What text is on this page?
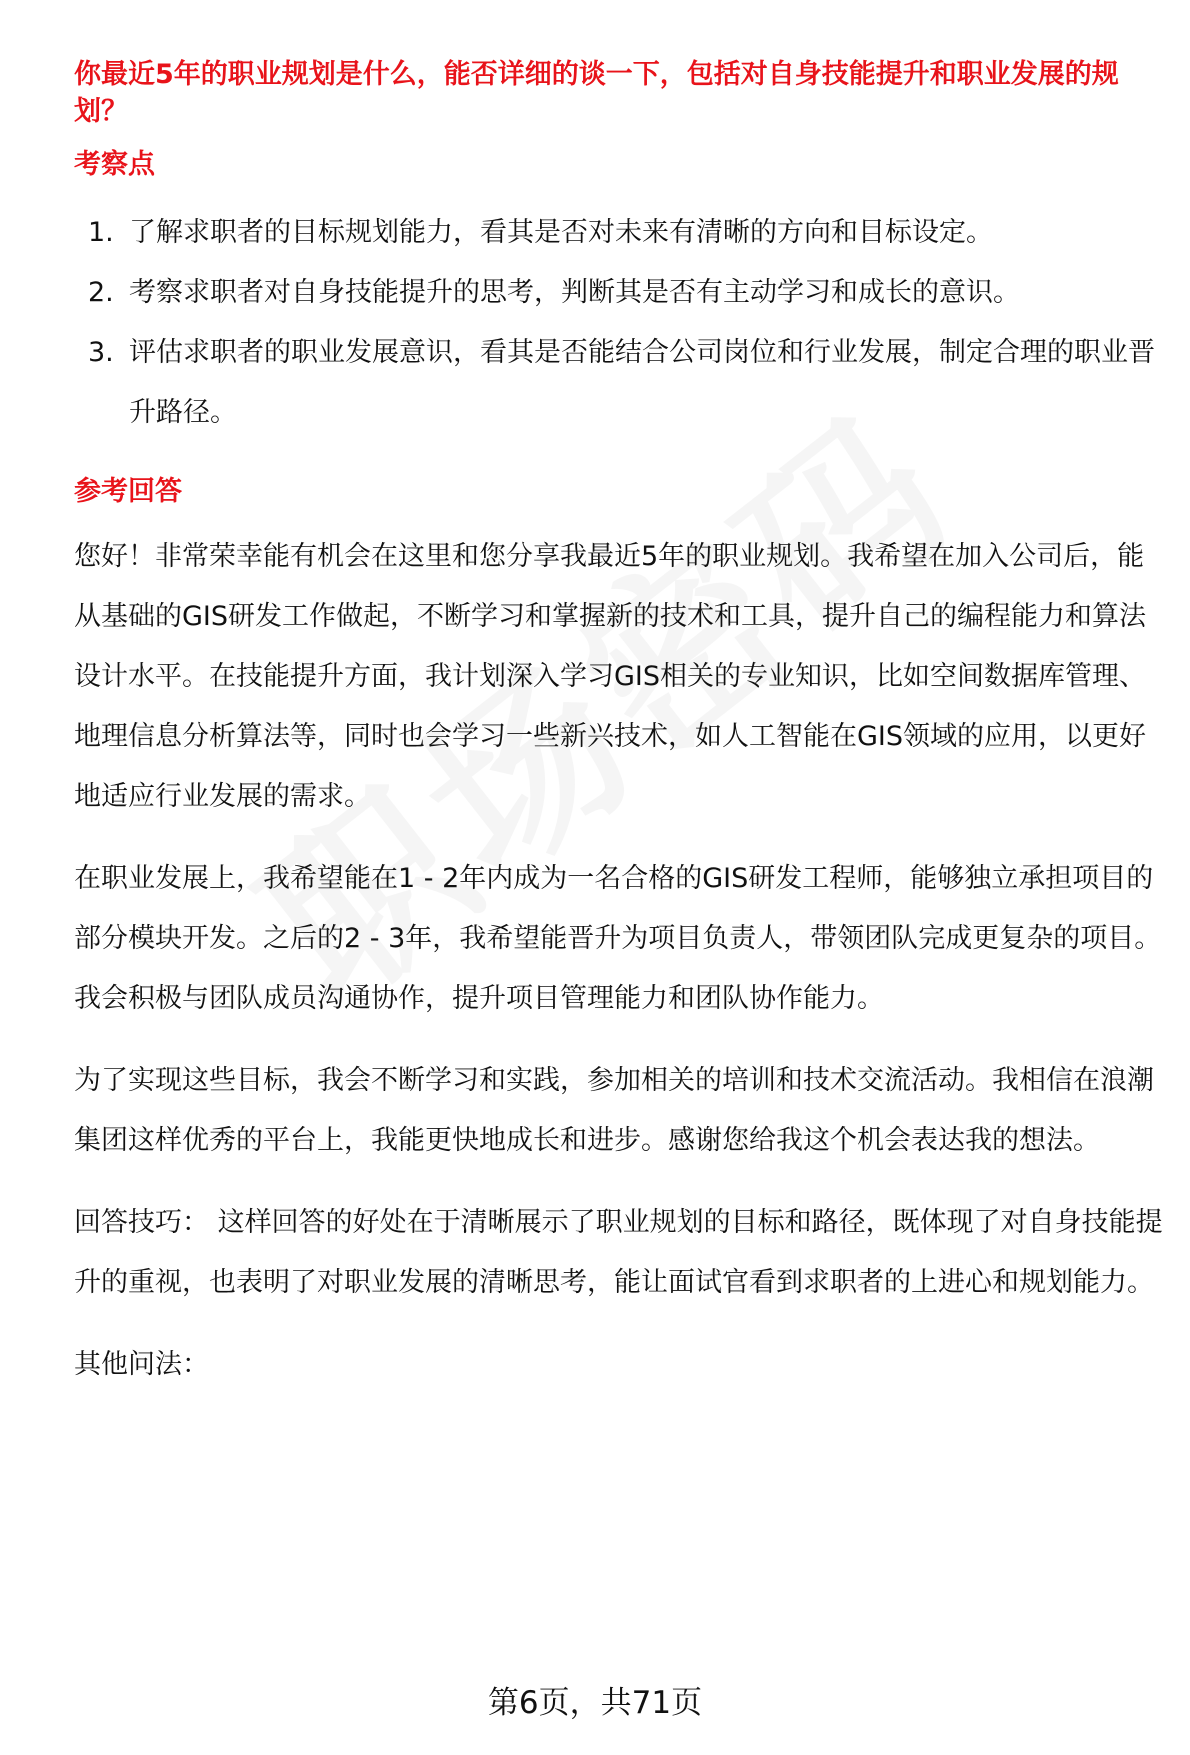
你最近5年的职业规划是什么，能否详细的谈一下，包括对自身技能提升和职业发展的规划？

考察点

1. 了解求职者的目标规划能力，看其是否对未来有清晰的方向和目标设定。
2. 考察求职者对自身技能提升的思考，判断其是否有主动学习和成长的意识。
3. 评估求职者的职业发展意识，看其是否能结合公司岗位和行业发展，制定合理的职业晋升路径。

参考回答

您好！非常荣幸能有机会在这里和您分享我最近5年的职业规划。我希望在加入公司后，能从基础的GIS研发工作做起，不断学习和掌握新的技术和工具，提升自己的编程能力和算法设计水平。在技能提升方面，我计划深入学习GIS相关的专业知识，比如空间数据库管理、地理信息分析算法等，同时也会学习一些新兴技术，如人工智能在GIS领域的应用，以更好地适应行业发展的需求。

在职业发展上，我希望能在1 - 2年内成为一名合格的GIS研发工程师，能够独立承担项目的部分模块开发。之后的2 - 3年，我希望能晋升为项目负责人，带领团队完成更复杂的项目。我会积极与团队成员沟通协作，提升项目管理能力和团队协作能力。

为了实现这些目标，我会不断学习和实践，参加相关的培训和技术交流活动。我相信在浪潮集团这样优秀的平台上，我能更快地成长和进步。感谢您给我这个机会表达我的想法。

回答技巧： 这样回答的好处在于清晰展示了职业规划的目标和路径，既体现了对自身技能提升的重视，也表明了对职业发展的清晰思考，能让面试官看到求职者的上进心和规划能力。

其他问法：

第6页，共71页
